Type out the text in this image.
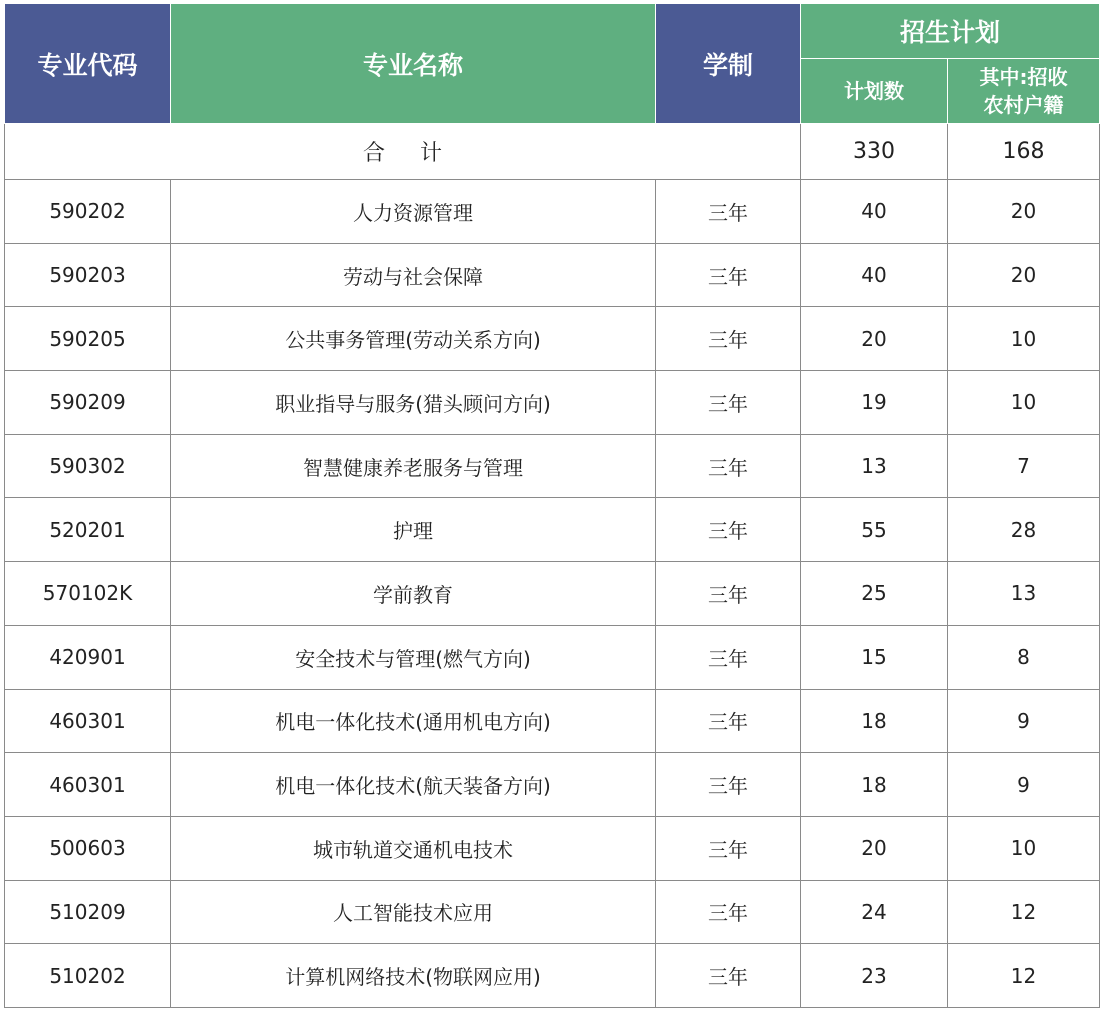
专业代码	专业名称	学制	招生计划	
			计划数	其中:招收
农村户籍

合 计			330	168
590202	人力资源管理	三年	40	20
590203	劳动与社会保障	三年	40	20
590205	公共事务管理(劳动关系方向)	三年	20	10
590209	职业指导与服务(猎头顾问方向)	三年	19	10
590302	智慧健康养老服务与管理	三年	13	7
520201	护理	三年	55	28
570102K	学前教育	三年	25	13
420901	安全技术与管理(燃气方向)	三年	15	8
460301	机电一体化技术(通用机电方向)	三年	18	9
460301	机电一体化技术(航天装备方向)	三年	18	9
500603	城市轨道交通机电技术	三年	20	10
510209	人工智能技术应用	三年	24	12
510202	计算机网络技术(物联网应用)	三年	23	12
